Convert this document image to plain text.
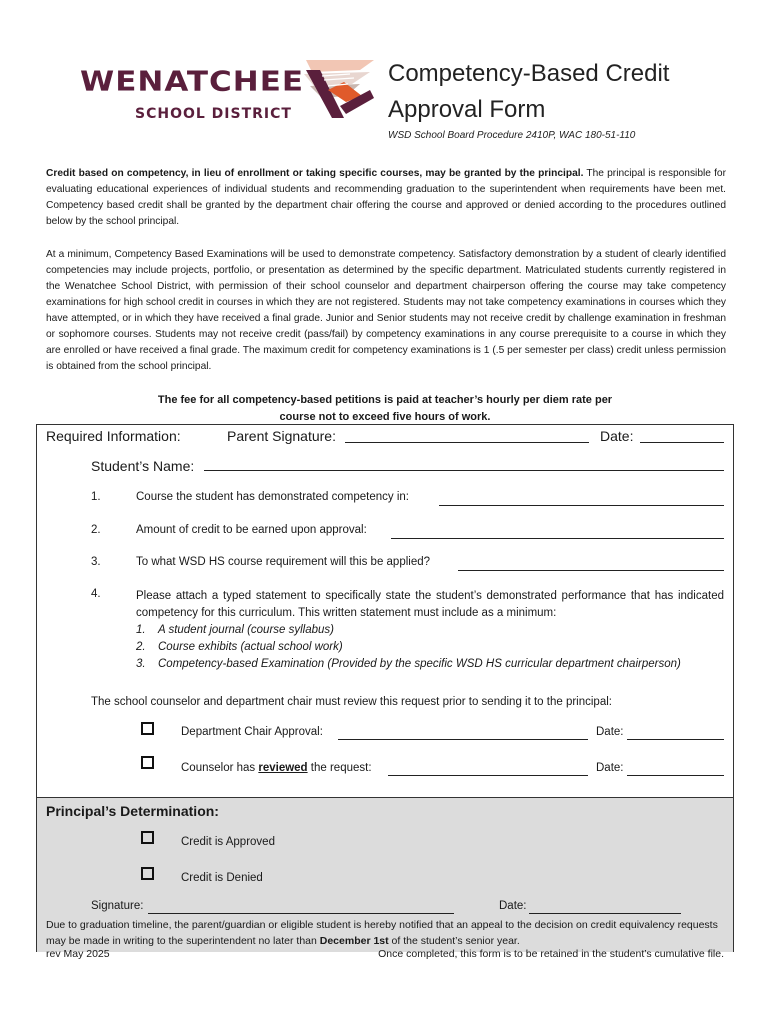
WENATCHEE
SCHOOL DISTRICT
Competency-Based Credit
Approval Form
WSD School Board Procedure 2410P, WAC 180-51-110
Credit based on competency, in lieu of enrollment or taking specific courses, may be granted by the principal. The principal is responsible for evaluating educational experiences of individual students and recommending graduation to the superintendent when requirements have been met. Competency based credit shall be granted by the department chair offering the course and approved or denied according to the procedures outlined below by the school principal.
At a minimum, Competency Based Examinations will be used to demonstrate competency. Satisfactory demonstration by a student of clearly identified competencies may include projects, portfolio, or presentation as determined by the specific department. Matriculated students currently registered in the Wenatchee School District, with permission of their school counselor and department chairperson offering the course may take competency examinations for high school credit in courses in which they are not registered. Students may not take competency examinations in courses which they have attempted, or in which they have received a final grade. Junior and Senior students may not receive credit by challenge examination in freshman or sophomore courses. Students may not receive credit (pass/fail) by competency examinations in any course prerequisite to a course in which they are enrolled or have received a final grade. The maximum credit for competency examinations is 1 (.5 per semester per class) credit unless permission is obtained from the school principal.
The fee for all competency-based petitions is paid at teacher’s hourly per diem rate per
course not to exceed five hours of work.
Required Information:	Parent Signature:	Date:
Student’s Name:
1.	Course the student has demonstrated competency in:
2.	Amount of credit to be earned upon approval:
3.	To what WSD HS course requirement will this be applied?
4.	Please attach a typed statement to specifically state the student’s demonstrated performance that has indicated competency for this curriculum. This written statement must include as a minimum:
1. A student journal (course syllabus)
2. Course exhibits (actual school work)
3. Competency-based Examination (Provided by the specific WSD HS curricular department chairperson)
The school counselor and department chair must review this request prior to sending it to the principal:
Department Chair Approval:	Date:
Counselor has reviewed the request:	Date:
Principal’s Determination:
Credit is Approved
Credit is Denied
Signature:	Date:
Due to graduation timeline, the parent/guardian or eligible student is hereby notified that an appeal to the decision on credit equivalency requests may be made in writing to the superintendent no later than December 1st of the student’s senior year.
rev May 2025	Once completed, this form is to be retained in the student’s cumulative file.
